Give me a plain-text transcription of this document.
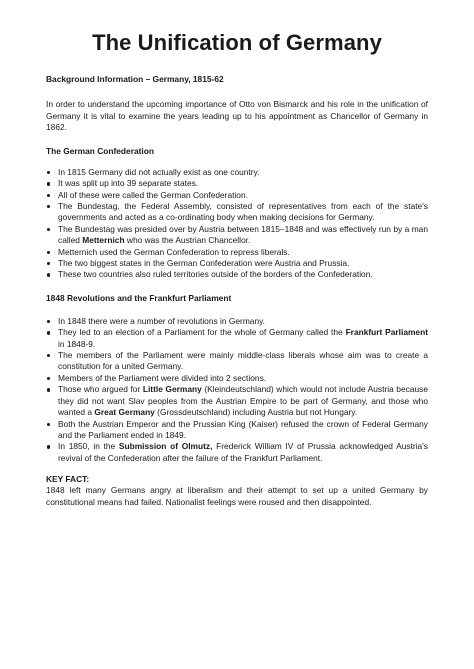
The Unification of Germany

Background Information – Germany, 1815-62

In order to understand the upcoming importance of Otto von Bismarck and his role in the unification of Germany it is vital to examine the years leading up to his appointment as Chancellor of Germany in 1862.

The German Confederation

In 1815 Germany did not actually exist as one country.
It was split up into 39 separate states.
All of these were called the German Confederation.
The Bundestag, the Federal Assembly, consisted of representatives from each of the state's governments and acted as a co-ordinating body when making decisions for Germany.
The Bundestag was presided over by Austria between 1815–1848 and was effectively run by a man called Metternich who was the Austrian Chancellor.
Metternich used the German Confederation to repress liberals.
The two biggest states in the German Confederation were Austria and Prussia.
These two countries also ruled territories outside of the borders of the Confederation.

1848 Revolutions and the Frankfurt Parliament

In 1848 there were a number of revolutions in Germany.
They led to an election of a Parliament for the whole of Germany called the Frankfurt Parliament in 1848-9.
The members of the Parliament were mainly middle-class liberals whose aim was to create a constitution for a united Germany.
Members of the Parliament were divided into 2 sections.
Those who argued for Little Germany (Kleindeutschland) which would not include Austria because they did not want Slav peoples from the Austrian Empire to be part of Germany, and those who wanted a Great Germany (Grossdeutschland) including Austria but not Hungary.
Both the Austrian Emperor and the Prussian King (Kaiser) refused the crown of Federal Germany and the Parliament ended in 1849.
In 1850, in the Submission of Olmutz, Frederick William IV of Prussia acknowledged Austria's revival of the Confederation after the failure of the Frankfurt Parliament.

KEY FACT:

1848 left many Germans angry at liberalism and their attempt to set up a united Germany by constitutional means had failed. Nationalist feelings were roused and then disappointed.
